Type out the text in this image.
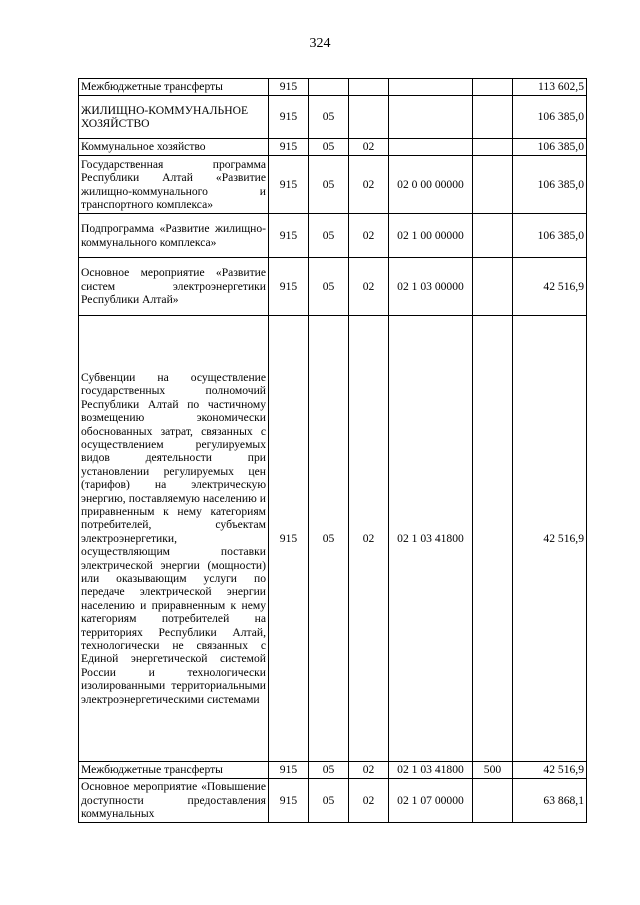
324
Межбюджетные трансферты	915					113 602,5
ЖИЛИЩНО-КОММУНАЛЬНОЕ ХОЗЯЙСТВО	915	05				106 385,0
Коммунальное хозяйство	915	05	02			106 385,0
Государственная программа Республики Алтай «Развитие жилищно-коммунального и транспортного комплекса»	915	05	02	02 0 00 00000		106 385,0
Подпрограмма «Развитие жилищно-коммунального комплекса»	915	05	02	02 1 00 00000		106 385,0
Основное мероприятие «Развитие систем электроэнергетики Республики Алтай»	915	05	02	02 1 03 00000		42 516,9
Субвенции на осуществление государственных полномочий Республики Алтай по частичному возмещению экономически обоснованных затрат, связанных с осуществлением регулируемых видов деятельности при установлении регулируемых цен (тарифов) на электрическую энергию, поставляемую населению и приравненным к нему категориям потребителей, субъектам электроэнергетики, осуществляющим поставки электрической энергии (мощности) или оказывающим услуги по передаче электрической энергии населению и приравненным к нему категориям потребителей на территориях Республики Алтай, технологически не связанных с Единой энергетической системой России и технологически изолированными территориальными электроэнергетическими системами	915	05	02	02 1 03 41800		42 516,9
Межбюджетные трансферты	915	05	02	02 1 03 41800	500	42 516,9
Основное мероприятие «Повышение доступности предоставления коммунальных	915	05	02	02 1 07 00000		63 868,1
